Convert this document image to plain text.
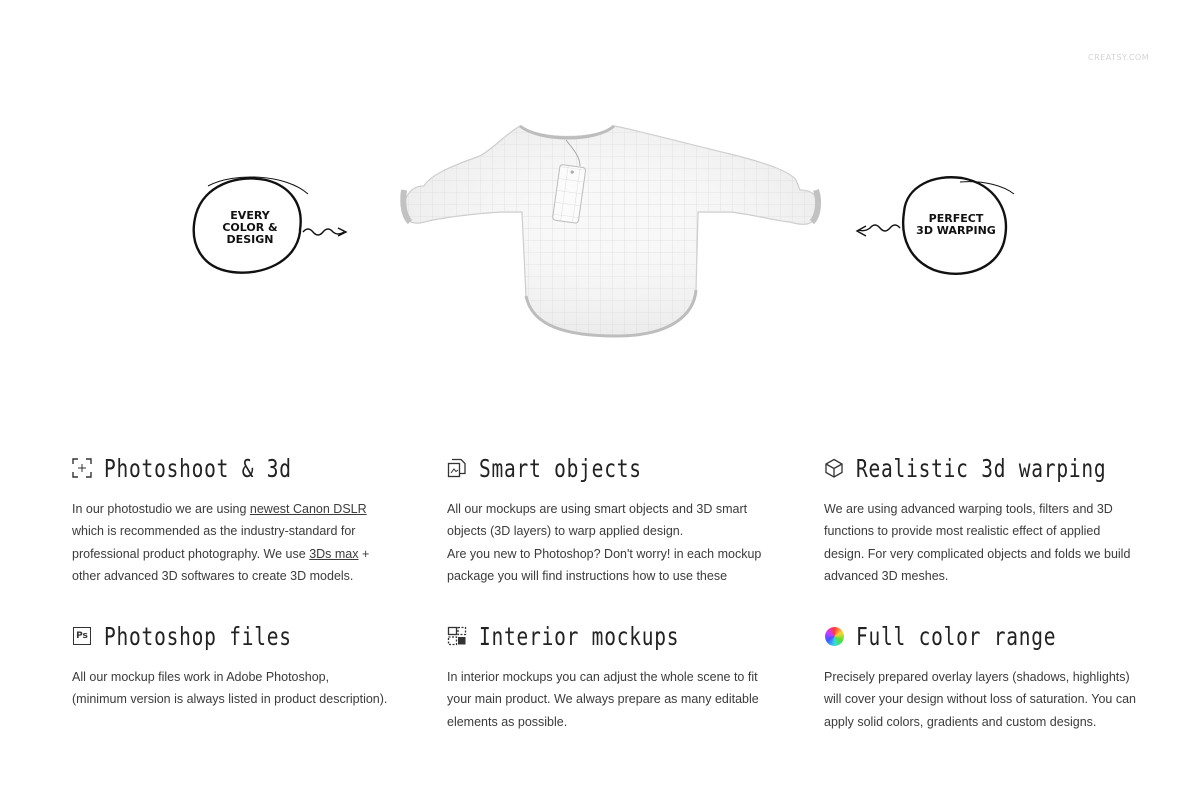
CREATSY.COM
EVERY
COLOR &
DESIGN
PERFECT
3D WARPING
Photoshoot & 3d

In our photostudio we are using newest Canon DSLR

which is recommended as the industry-standard for

professional product photography. We use 3Ds max +

other advanced 3D softwares to create 3D models.

Smart objects

All our mockups are using smart objects and 3D smart

objects (3D layers) to warp applied design.

Are you new to Photoshop? Don't worry! in each mockup

package you will find instructions how to use these

Realistic 3d warping

We are using advanced warping tools, filters and 3D

functions to provide most realistic effect of applied

design. For very complicated objects and folds we build

advanced 3D meshes.

Ps Photoshop files

All our mockup files work in Adobe Photoshop,

(minimum version is always listed in product description).

Interior mockups

In interior mockups you can adjust the whole scene to fit

your main product. We always prepare as many editable

elements as possible.

Full color range

Precisely prepared overlay layers (shadows, highlights)

will cover your design without loss of saturation. You can

apply solid colors, gradients and custom designs.
